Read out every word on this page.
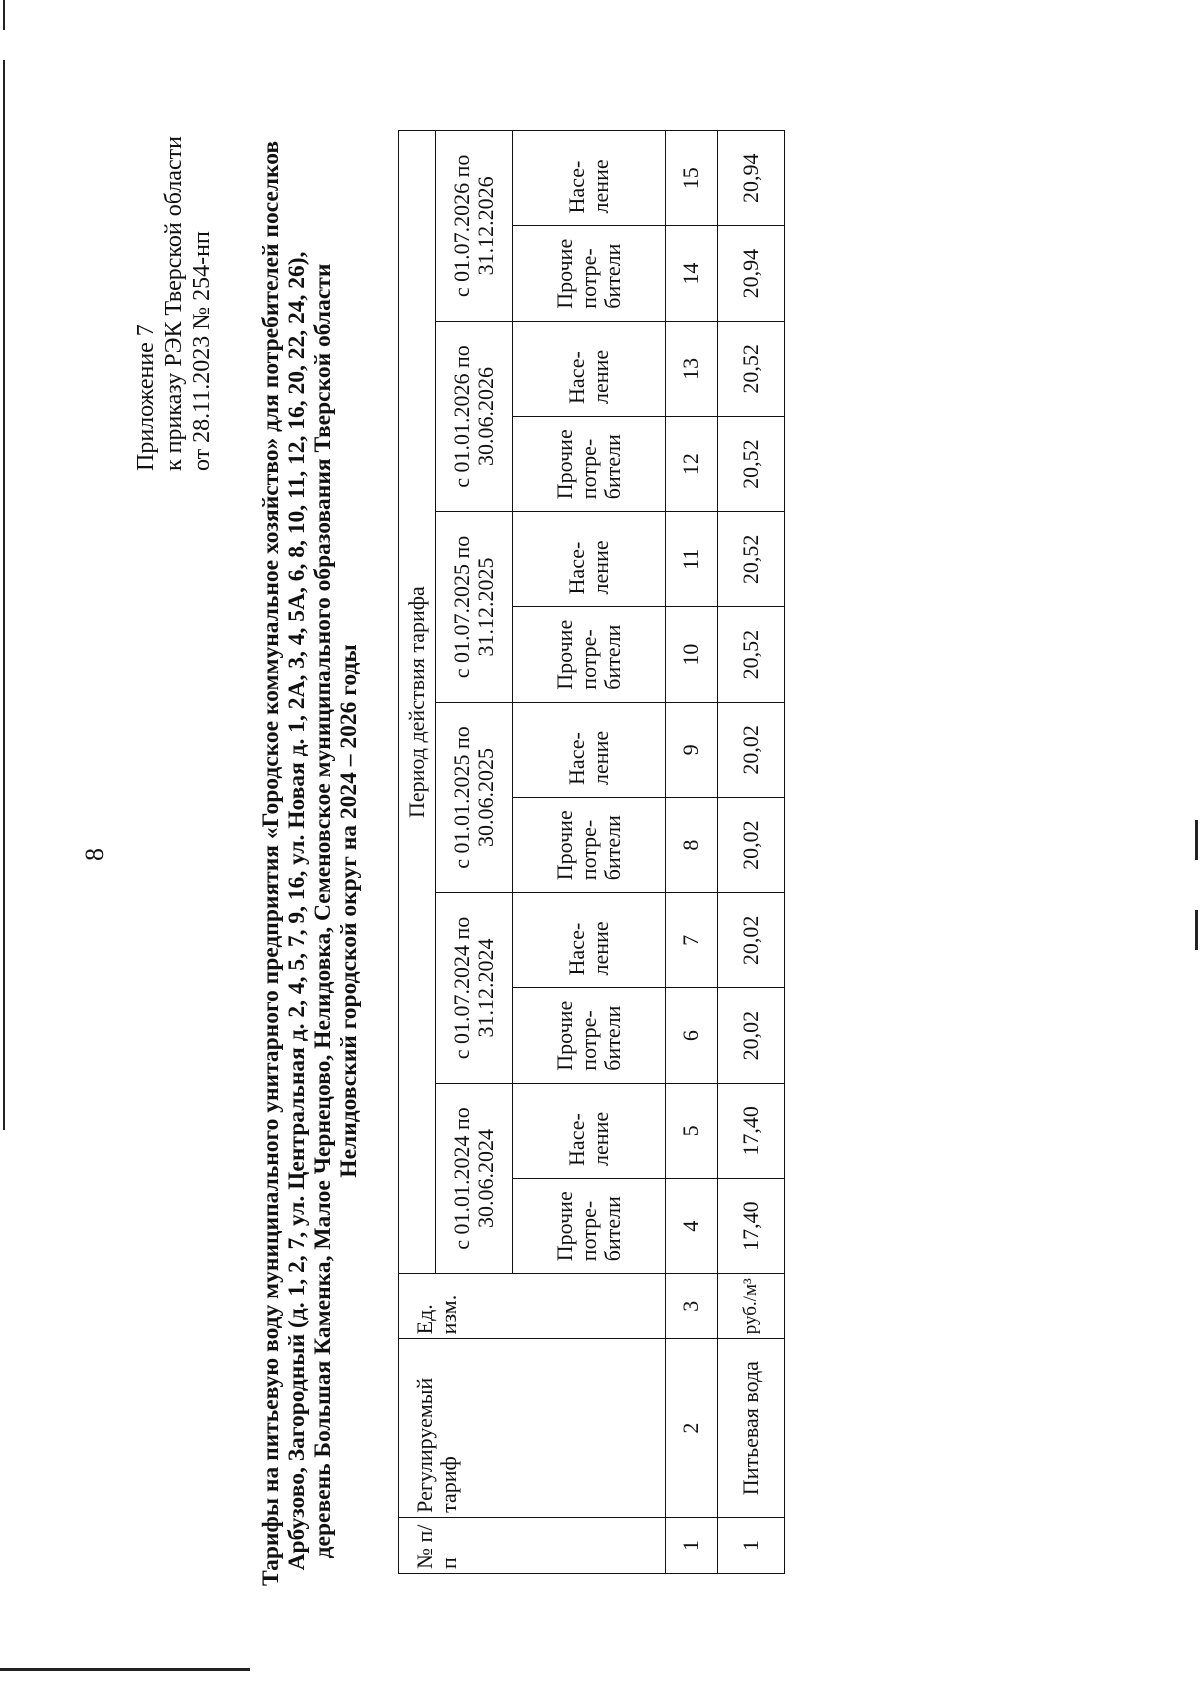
8
Приложение 7 к приказу РЭК Тверской области от 28.11.2023 № 254-нп Тарифы на питьевую воду муниципального унитарного предприятия «Городское коммунальное хозяйство» для потребителей поселков Арбузово, Загородный (д. 1, 2, 7, ул. Центральная д. 2, 4, 5, 7, 9, 16, ул. Новая д. 1, 2А, 3, 4, 5А, 6, 8, 10, 11, 12, 16, 20, 22, 24, 26), деревень Большая Каменка, Малое Чернецово, Нелидовка, Семеновское муниципального образования Тверской области Нелидовский городской округ на 2024 – 2026 годы
№ п/п	Регулируемый тариф	Ед. изм.	Период действия тарифа											
			с 01.01.2024 по 30.06.2024		с 01.07.2024 по 31.12.2024		с 01.01.2025 по 30.06.2025		с 01.07.2025 по 31.12.2025		с 01.01.2026 по 30.06.2026		с 01.07.2026 по 31.12.2026	
			Прочие потре-бители	Насе-ление	Прочие потре-бители	Насе-ление	Прочие потре-бители	Насе-ление	Прочие потре-бители	Насе-ление	Прочие потре-бители	Насе-ление	Прочие потре-бители	Насе-ление
1	2	3	4	5	6	7	8	9	10	11	12	13	14	15
1	Питьевая вода	руб./м³	17,40	17,40	20,02	20,02	20,02	20,02	20,52	20,52	20,52	20,52	20,94	20,94
